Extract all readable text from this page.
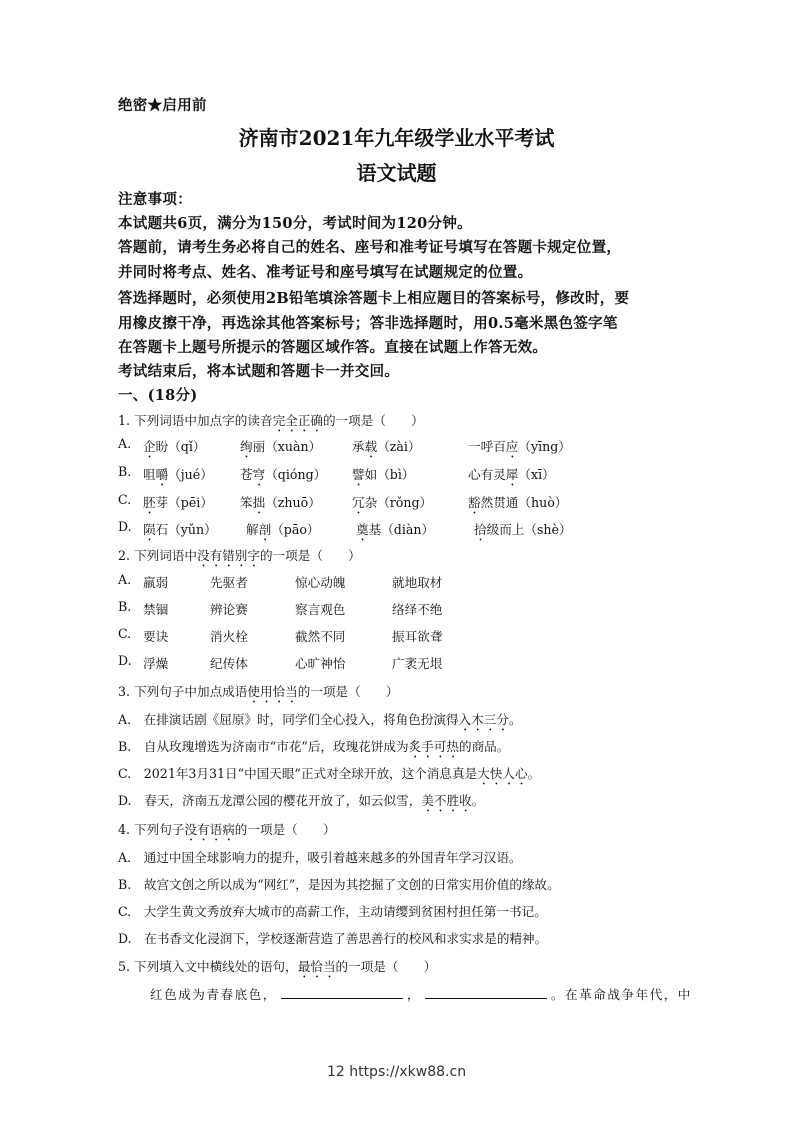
绝密★启用前
济南市2021年九年级学业水平考试
语文试题
注意事项：
本试题共6页，满分为150分，考试时间为120分钟。
答题前，请考生务必将自己的姓名、座号和准考证号填写在答题卡规定位置，
并同时将考点、姓名、准考证号和座号填写在试题规定的位置。
答选择题时，必须使用2B铅笔填涂答题卡上相应题目的答案标号，修改时，要
用橡皮擦干净，再选涂其他答案标号；答非选择题时，用0.5毫米黑色签字笔
在答题卡上题号所提示的答题区域作答。直接在试题上作答无效。
考试结束后，将本试题和答题卡一并交回。
一、(18分)
1. 下列词语中加点字的读音完全正确的一项是（　　）
A. 企盼（qǐ）	绚丽（xuàn） 承载（zài）	一呼百应（yīng）
B. 咀嚼（jué） 苍穹（qióng） 譬如（bì）	心有灵犀（xī）
C. 胚芽（pēi） 笨拙（zhuō） 冗杂（rǒng）	豁然贯通（huò）
D. 陨石（yǔn） 解剖（pāo）	奠基（diàn）	拾级而上（shè）
2. 下列词语中没有错别字的一项是（　　）
A. 羸弱	先驱者	惊心动魄	就地取材
B. 禁锢	辨论赛	察言观色	络绎不绝
C. 要诀	消火栓	截然不同	振耳欲聋
D. 浮燥	纪传体	心旷神怡	广袤无垠
3. 下列句子中加点成语使用恰当的一项是（　　）
A.　在排演话剧《屈原》时，同学们全心投入，将角色扮演得入木三分。
B.　自从玫瑰增选为济南市“市花”后，玫瑰花饼成为炙手可热的商品。
C.　2021年3月31日“中国天眼”正式对全球开放，这个消息真是大快人心。
D.　春天，济南五龙潭公园的樱花开放了，如云似雪，美不胜收。
4. 下列句子没有语病的一项是（　　）
A.　通过中国全球影响力的提升，吸引着越来越多的外国青年学习汉语。
B.　故宫文创之所以成为“网红”，是因为其挖掘了文创的日常实用价值的缘故。
C.　大学生黄文秀放弃大城市的高薪工作，主动请缨到贫困村担任第一书记。
D.　在书香文化浸润下，学校逐渐营造了善思善行的校风和求实求是的精神。
5. 下列填入文中横线处的语句，最恰当的一项是（　　）
红色成为青春底色，	，	。在革命战争年代，中
12 https://xkw88.cn
